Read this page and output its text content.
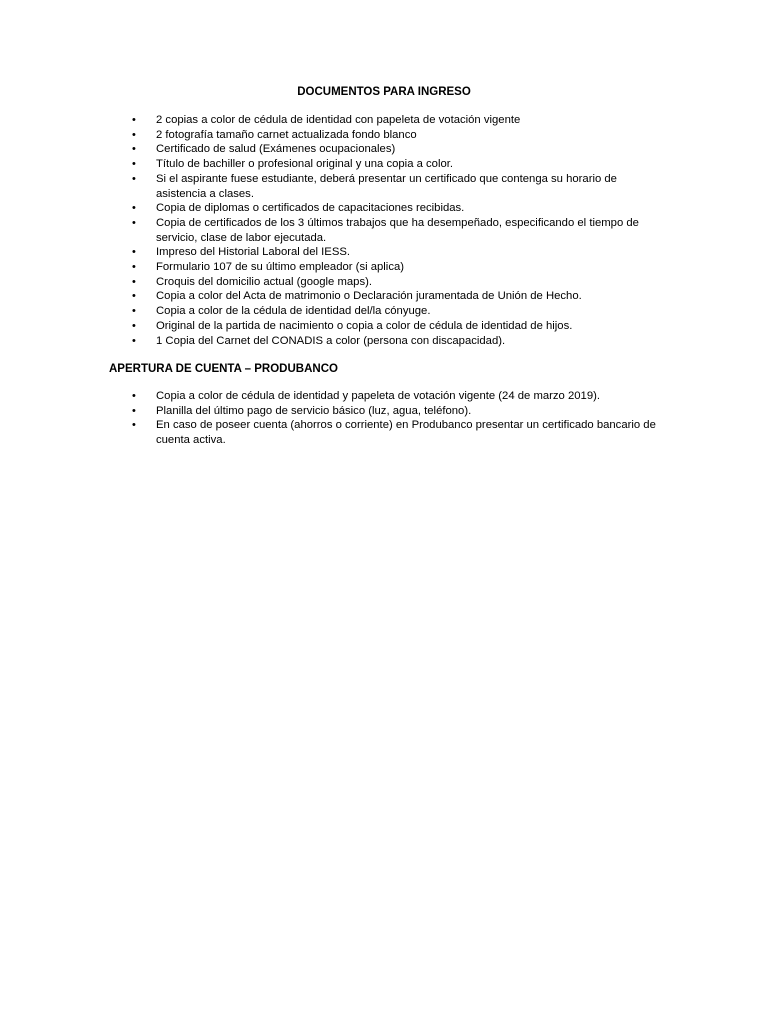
DOCUMENTOS PARA INGRESO
• 2 copias a color de cédula de identidad con papeleta de votación vigente
• 2 fotografía tamaño carnet actualizada fondo blanco
• Certificado de salud (Exámenes ocupacionales)
• Título de bachiller o profesional original y una copia a color.
• Si el aspirante fuese estudiante, deberá presentar un certificado que contenga su horario de asistencia a clases.
• Copia de diplomas o certificados de capacitaciones recibidas.
• Copia de certificados de los 3 últimos trabajos que ha desempeñado, especificando el tiempo de servicio, clase de labor ejecutada.
• Impreso del Historial Laboral del IESS.
• Formulario 107 de su último empleador (si aplica)
• Croquis del domicilio actual (google maps).
• Copia a color del Acta de matrimonio o Declaración juramentada de Unión de Hecho.
• Copia a color de la cédula de identidad del/la cónyuge.
• Original de la partida de nacimiento o copia a color de cédula de identidad de hijos.
• 1 Copia del Carnet del CONADIS a color (persona con discapacidad).
APERTURA DE CUENTA – PRODUBANCO
• Copia a color de cédula de identidad y papeleta de votación vigente (24 de marzo 2019).
• Planilla del último pago de servicio básico (luz, agua, teléfono).
• En caso de poseer cuenta (ahorros o corriente) en Produbanco presentar un certificado bancario de cuenta activa.
